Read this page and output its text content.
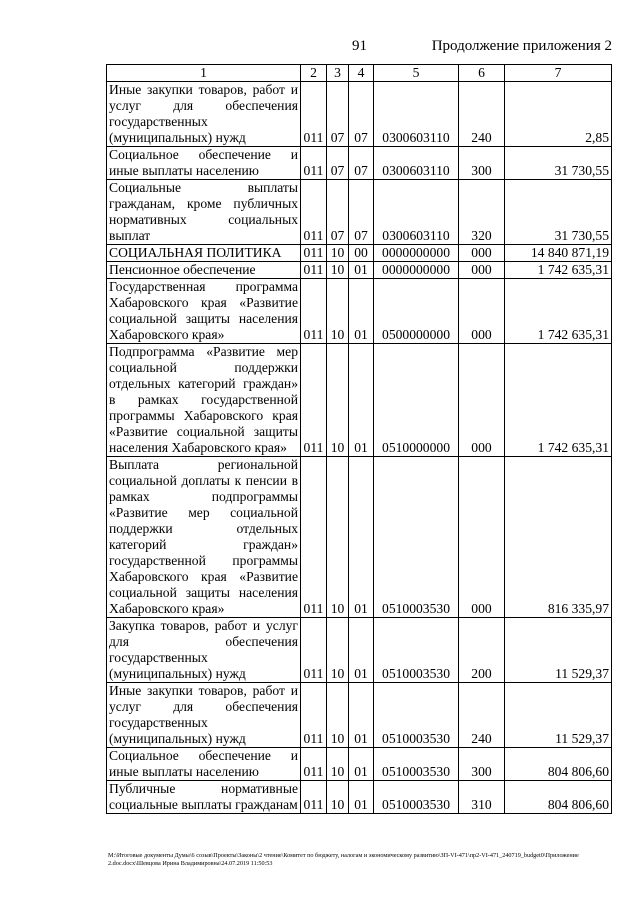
91	Продолжение приложения 2
1	2	3	4	5	6	7
Иные закупки товаров, работ и услуг для обеспечения государственных (муниципальных) нужд	011	07	07	0300603110	240	2,85
Социальное обеспечение и иные выплаты населению	011	07	07	0300603110	300	31 730,55
Социальные выплаты гражданам, кроме публичных нормативных социальных выплат	011	07	07	0300603110	320	31 730,55
СОЦИАЛЬНАЯ ПОЛИТИКА	011	10	00	0000000000	000	14 840 871,19
Пенсионное обеспечение	011	10	01	0000000000	000	1 742 635,31
Государственная программа Хабаровского края «Развитие социальной защиты населения Хабаровского края»	011	10	01	0500000000	000	1 742 635,31
Подпрограмма «Развитие мер социальной поддержки отдельных категорий граждан» в рамках государственной программы Хабаровского края «Развитие социальной защиты населения Хабаровского края»	011	10	01	0510000000	000	1 742 635,31
Выплата региональной социальной доплаты к пенсии в рамках подпрограммы «Развитие мер социальной поддержки отдельных категорий граждан» государственной программы Хабаровского края «Развитие социальной защиты населения Хабаровского края»	011	10	01	0510003530	000	816 335,97
Закупка товаров, работ и услуг для обеспечения государственных (муниципальных) нужд	011	10	01	0510003530	200	11 529,37
Иные закупки товаров, работ и услуг для обеспечения государственных (муниципальных) нужд	011	10	01	0510003530	240	11 529,37
Социальное обеспечение и иные выплаты населению	011	10	01	0510003530	300	804 806,60
Публичные нормативные социальные выплаты гражданам	011	10	01	0510003530	310	804 806,60
M:\Итоговые документы Думы\6 созыв\Проекты\Законы\2 чтение\Комитет по бюджету, налогам и экономическому развитию\ЗП-VI-471\пр2-VI-471_240719_budget0\Приложение 2.doc.docx\Шевцова Ирина Владимировна\24.07.2019 11:50:53
